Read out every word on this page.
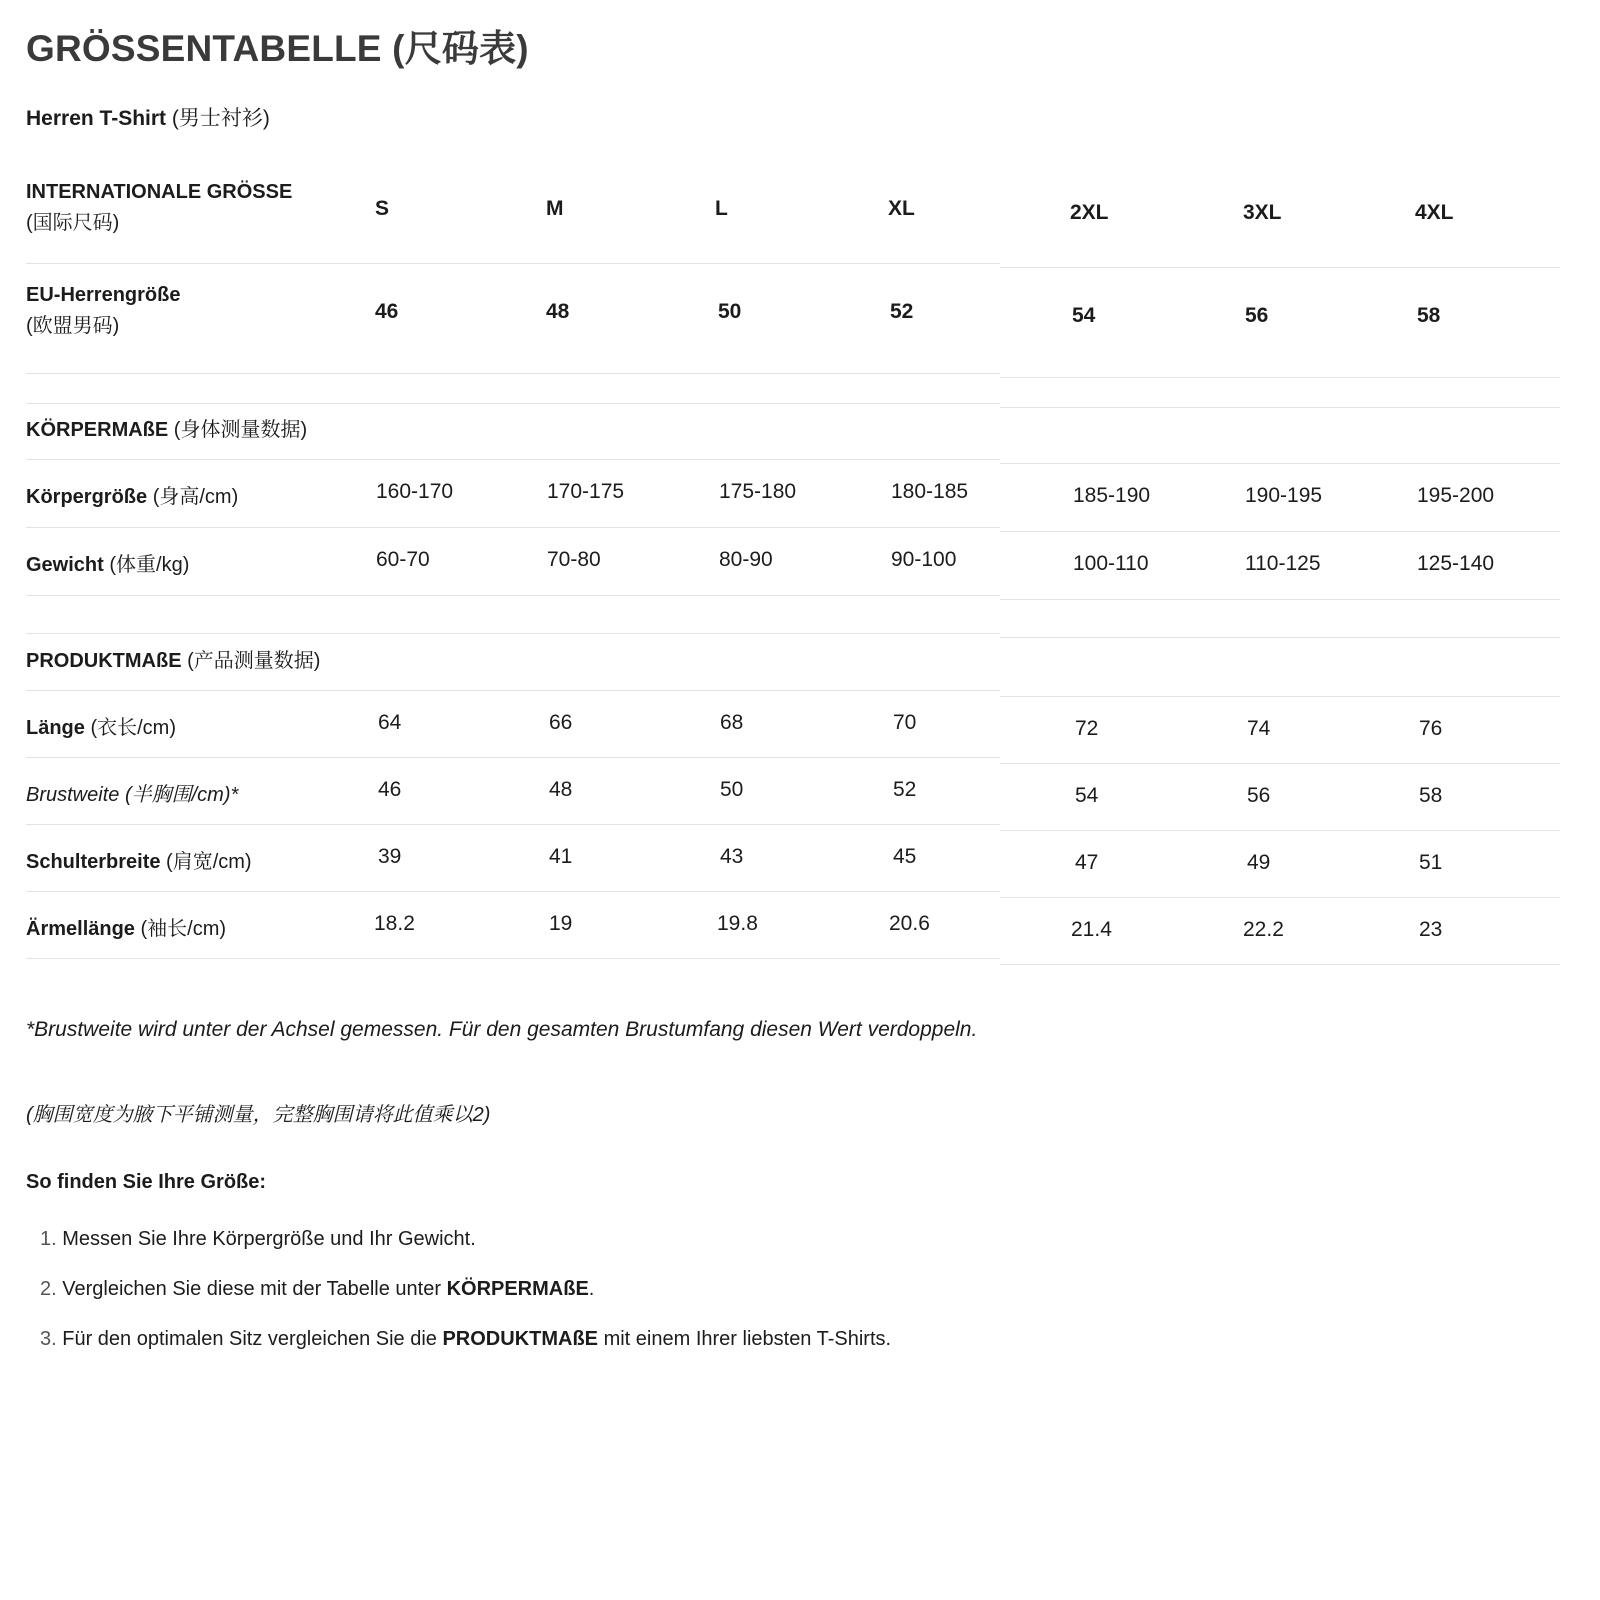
GRÖSSENTABELLE (尺码表)
Herren T-Shirt (男士衬衫)
INTERNATIONALE GRÖSSE
(国际尺码)
S	M	L	XL	2XL	3XL	4XL
EU-Herrengröße
(欧盟男码)
46	48	50	52	54	56	58
KÖRPERMAßE (身体测量数据)
Körpergröße (身高/cm)	160-170	170-175	175-180	180-185	185-190	190-195	195-200
Gewicht (体重/kg)	60-70	70-80	80-90	90-100	100-110	110-125	125-140
PRODUKTMAßE (产品测量数据)
Länge (衣长/cm)	64	66	68	70	72	74	76
Brustweite (半胸围/cm)*	46	48	50	52	54	56	58
Schulterbreite (肩宽/cm)	39	41	43	45	47	49	51
Ärmellänge (袖长/cm)	18.2	19	19.8	20.6	21.4	22.2	23
*Brustweite wird unter der Achsel gemessen. Für den gesamten Brustumfang diesen Wert verdoppeln.
(胸围宽度为腋下平铺测量，完整胸围请将此值乘以2)
So finden Sie Ihre Größe:
1. Messen Sie Ihre Körpergröße und Ihr Gewicht.
2. Vergleichen Sie diese mit der Tabelle unter KÖRPERMAßE.
3. Für den optimalen Sitz vergleichen Sie die PRODUKTMAßE mit einem Ihrer liebsten T-Shirts.
